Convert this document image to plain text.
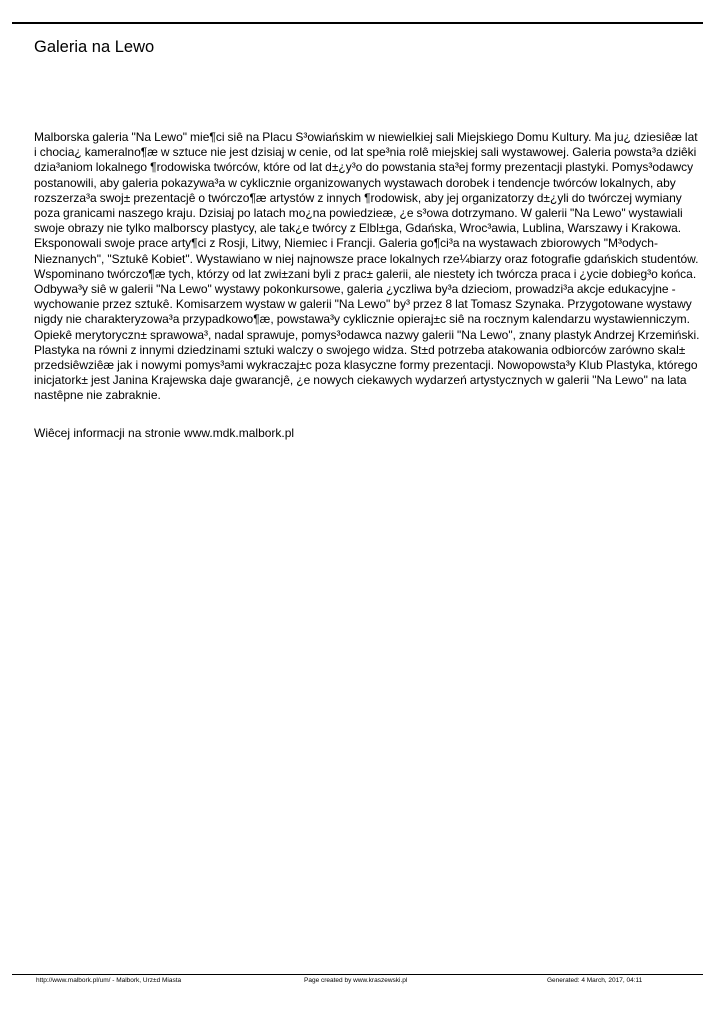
Galeria na Lewo

Malborska galeria "Na Lewo" mie¶ci siê na Placu S³owiańskim w niewielkiej sali Miejskiego Domu Kultury. Ma ju¿ dziesiêæ lat i chocia¿ kameralno¶æ w sztuce nie jest dzisiaj w cenie, od lat spe³nia rolê miejskiej sali wystawowej. Galeria powsta³a dziêki dzia³aniom lokalnego ¶rodowiska twórców, które od lat d±¿y³o do powstania sta³ej formy prezentacji plastyki. Pomys³odawcy postanowili, aby galeria pokazywa³a w cyklicznie organizowanych wystawach dorobek i tendencje twórców lokalnych, aby rozszerza³a swoj± prezentacjê o twórczo¶æ artystów z innych ¶rodowisk, aby jej organizatorzy d±¿yli do twórczej wymiany poza granicami naszego kraju. Dzisiaj po latach mo¿na powiedzieæ, ¿e s³owa dotrzymano. W galerii "Na Lewo" wystawiali swoje obrazy nie tylko malborscy plastycy, ale tak¿e twórcy z Elbl±ga, Gdańska, Wroc³awia, Lublina, Warszawy i Krakowa. Eksponowali swoje prace arty¶ci z Rosji, Litwy, Niemiec i Francji. Galeria go¶ci³a na wystawach zbiorowych "M³odych-Nieznanych", "Sztukê Kobiet". Wystawiano w niej najnowsze prace lokalnych rze¼biarzy oraz fotografie gdańskich studentów. Wspominano twórczo¶æ tych, którzy od lat zwi±zani byli z prac± galerii, ale niestety ich twórcza praca i ¿ycie dobieg³o końca. Odbywa³y siê w galerii "Na Lewo" wystawy pokonkursowe, galeria ¿yczliwa by³a dzieciom, prowadzi³a akcje edukacyjne - wychowanie przez sztukê. Komisarzem wystaw w galerii "Na Lewo" by³ przez 8 lat Tomasz Szynaka. Przygotowane wystawy nigdy nie charakteryzowa³a przypadkowo¶æ, powstawa³y cyklicznie opieraj±c siê na rocznym kalendarzu wystawienniczym. Opiekê merytoryczn± sprawowa³, nadal sprawuje, pomys³odawca nazwy galerii "Na Lewo", znany plastyk Andrzej Krzemiński. Plastyka na równi z innymi dziedzinami sztuki walczy o swojego widza. St±d potrzeba atakowania odbiorców zarówno skal± przedsiêwziêæ jak i nowymi pomys³ami wykraczaj±c poza klasyczne formy prezentacji. Nowopowsta³y Klub Plastyka, którego inicjatork± jest Janina Krajewska daje gwarancjê, ¿e nowych ciekawych wydarzeń artystycznych w galerii "Na Lewo" na lata nastêpne nie zabraknie.

Wiêcej informacji na stronie www.mdk.malbork.pl

http://www.malbork.pl/um/ - Malbork, Urz±d Miasta	Page created by www.kraszewski.pl	Generated: 4 March, 2017, 04:11
